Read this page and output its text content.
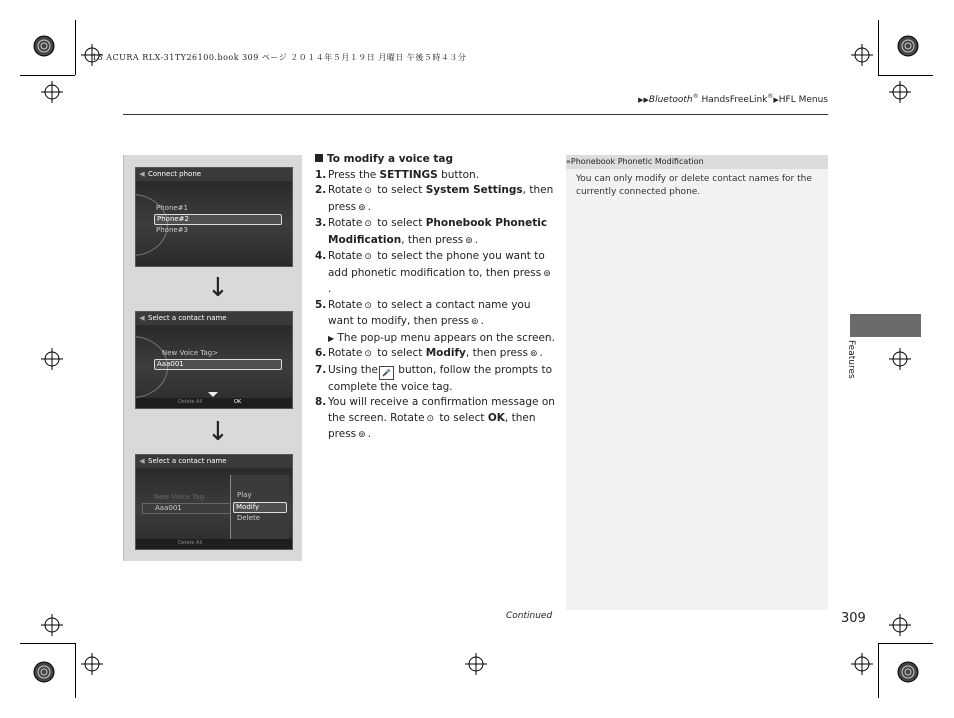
15 ACURA RLX-31TY26100.book 309 ページ ２０１４年５月１９日 月曜日 午後５時４３分
▶▶Bluetooth® HandsFreeLink®▶HFL Menus
◀ Connect phone
Phone#1
Phone#2
Phone#3
↓
◀ Select a contact name
New Voice Tag>
Aaa001
Delete All	OK
↓
◀ Select a contact name
New Voice Tag
Aaa001
Play
Modify
Delete
Delete All
To modify a voice tag
1. Press the SETTINGS button.
2. Rotate ⊙ to select System Settings, then press ⊚ .
3. Rotate ⊙ to select Phonebook Phonetic Modification, then press ⊚ .
4. Rotate ⊙ to select the phone you want to add phonetic modification to, then press ⊚.
5. Rotate ⊙ to select a contact name you want to modify, then press ⊚ .
▶ The pop-up menu appears on the screen.
6. Rotate ⊙ to select Modify, then press ⊚ .
7. Using the 🎤 button, follow the prompts to complete the voice tag.
8. You will receive a confirmation message on the screen. Rotate ⊙ to select OK, then press ⊚ .
»Phonebook Phonetic Modification
You can only modify or delete contact names for the currently connected phone.
Features
Continued	309
